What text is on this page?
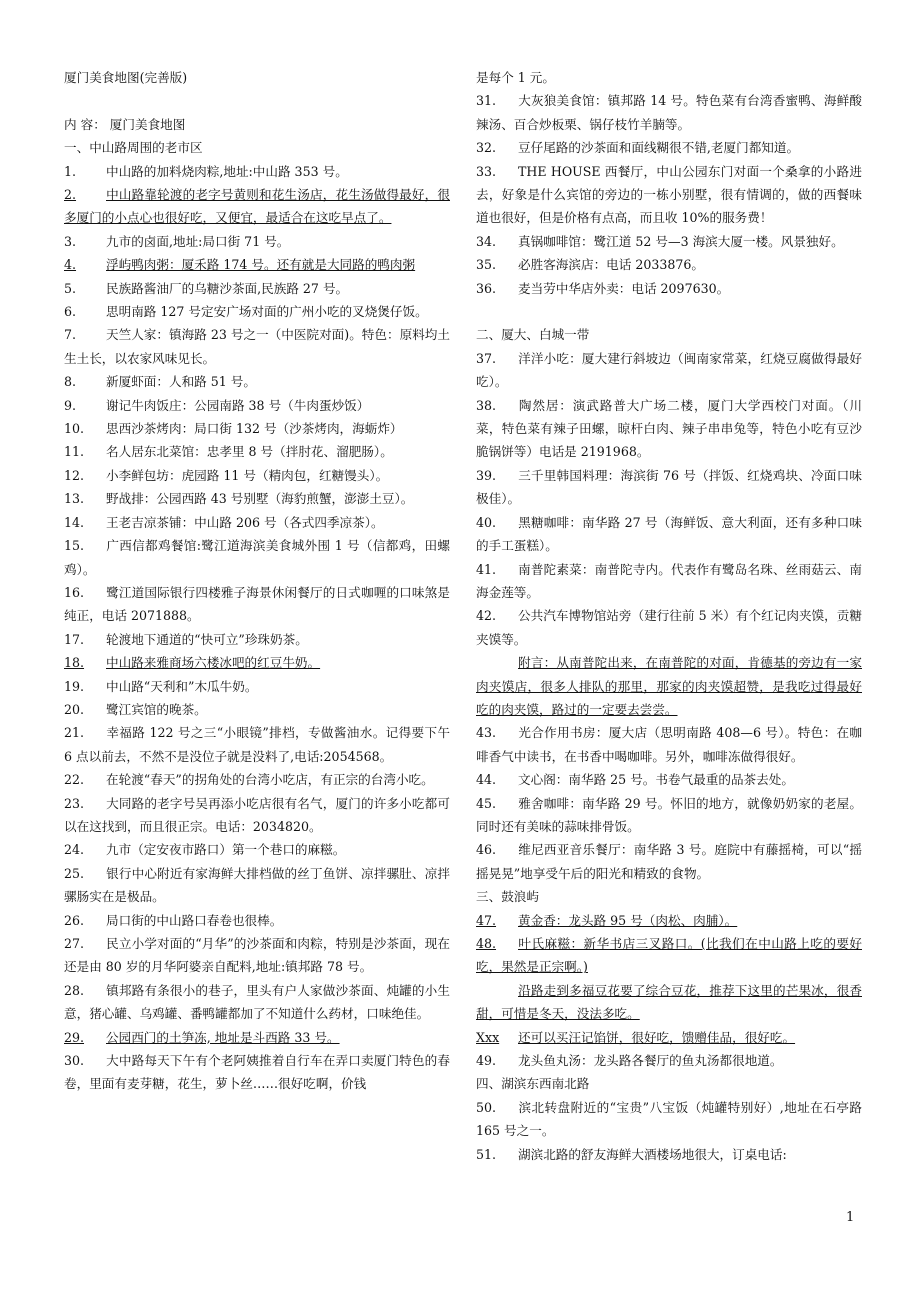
厦门美食地图(完善版)
内 容： 厦门美食地图
一、中山路周围的老市区
1. 中山路的加料烧肉粽,地址:中山路 353 号。
2. 中山路靠轮渡的老字号黄则和花生汤店，花生汤做得最好，很多厦门的小点心也很好吃，又便宜，最适合在这吃早点了。
3. 九市的卤面,地址:局口街 71 号。
4. 浮屿鸭肉粥：厦禾路 174 号。还有就是大同路的鸭肉粥
5. 民族路酱油厂的乌糖沙茶面,民族路 27 号。
6. 思明南路 127 号定安广场对面的广州小吃的叉烧煲仔饭。
7. 天竺人家：镇海路 23 号之一（中医院对面)。特色：原料均土生土长，以农家风味见长。
8. 新厦虾面：人和路 51 号。
9. 谢记牛肉饭庄：公园南路 38 号（牛肉蛋炒饭）
10. 思西沙茶烤肉：局口街 132 号（沙茶烤肉，海蛎炸）
11. 名人居东北菜馆：忠孝里 8 号（拌肘花、溜肥肠）。
12. 小李鲜包坊：虎园路 11 号（精肉包，红糖馒头）。
13. 野战排：公园西路 43 号别墅（海豹煎蟹，澎澎土豆）。
14. 王老吉凉茶铺：中山路 206 号（各式四季凉茶）。
15. 广西信都鸡餐馆:鹭江道海滨美食城外围 1 号（信都鸡，田螺鸡）。
16. 鹭江道国际银行四楼雅子海景休闲餐厅的日式咖喱的口味煞是纯正，电话 2071888。
17. 轮渡地下通道的“快可立”珍珠奶茶。
18. 中山路来雅商场六楼冰吧的红豆牛奶。
19. 中山路“天利和”木瓜牛奶。
20. 鹭江宾馆的晚茶。
21. 幸福路 122 号之三“小眼镜”排档，专做酱油水。记得要下午 6 点以前去，不然不是没位子就是没料了,电话:2054568。
22. 在轮渡“春天”的拐角处的台湾小吃店，有正宗的台湾小吃。
23. 大同路的老字号吴再添小吃店很有名气，厦门的许多小吃都可以在这找到，而且很正宗。电话：2034820。
24. 九市（定安夜市路口）第一个巷口的麻糍。
25. 银行中心附近有家海鲜大排档做的丝丁鱼饼、凉拌骡肚、凉拌骡肠实在是极品。
26. 局口街的中山路口春卷也很棒。
27. 民立小学对面的“月华”的沙茶面和肉粽，特别是沙茶面，现在还是由 80 岁的月华阿婆亲自配料,地址:镇邦路 78 号。
28. 镇邦路有条很小的巷子，里头有户人家做沙茶面、炖罐的小生意，猪心罐、乌鸡罐、番鸭罐都加了不知道什么药材，口味绝佳。
29. 公园西门的土笋冻, 地址是斗西路 33 号。
30. 大中路每天下午有个老阿姨推着自行车在弄口卖厦门特色的春卷，里面有麦芽糖，花生，萝卜丝……很好吃啊，价钱
是每个 1 元。
31. 大灰狼美食馆：镇邦路 14 号。特色菜有台湾香蜜鸭、海鲜酸辣汤、百合炒板栗、锅仔枝竹羊腩等。
32. 豆仔尾路的沙茶面和面线糊很不错,老厦门都知道。
33. THE HOUSE 西餐厅，中山公园东门对面一个桑拿的小路进去，好象是什么宾馆的旁边的一栋小别墅，很有情调的，做的西餐味道也很好，但是价格有点高，而且收 10%的服务费！
34. 真锅咖啡馆：鹭江道 52 号—3 海滨大厦一楼。风景独好。
35. 必胜客海滨店：电话 2033876。
36. 麦当劳中华店外卖：电话 2097630。
二、厦大、白城一带
37. 洋洋小吃：厦大建行斜坡边（闽南家常菜，红烧豆腐做得最好吃）。
38. 陶然居：演武路普大广场二楼，厦门大学西校门对面。（川菜，特色菜有辣子田螺，晾杆白肉、辣子串串兔等，特色小吃有豆沙脆锅饼等）电话是 2191968。
39. 三千里韩国料理：海滨街 76 号（拌饭、红烧鸡块、冷面口味极佳）。
40. 黑糖咖啡：南华路 27 号（海鲜饭、意大利面，还有多种口味的手工蛋糕）。
41. 南普陀素菜：南普陀寺内。代表作有鹭岛名珠、丝雨菇云、南海金莲等。
42. 公共汽车博物馆站旁（建行往前 5 米）有个红记肉夹馍，贡糖夹馍等。
附言：从南普陀出来，在南普陀的对面，肯德基的旁边有一家肉夹馍店，很多人排队的那里，那家的肉夹馍超赞，是我吃过得最好吃的肉夹馍，路过的一定要去尝尝。
43. 光合作用书房：厦大店（思明南路 408—6 号）。特色：在咖啡香气中读书，在书香中喝咖啡。另外，咖啡冻做得很好。
44. 文心阁：南华路 25 号。书卷气最重的品茶去处。
45. 雅舍咖啡：南华路 29 号。怀旧的地方，就像奶奶家的老屋。同时还有美味的蒜味排骨饭。
46. 维尼西亚音乐餐厅：南华路 3 号。庭院中有藤摇椅，可以“摇摇晃晃”地享受午后的阳光和精致的食物。
三、鼓浪屿
47. 黄金香：龙头路 95 号（肉松、肉脯）。
48. 叶氏麻糍：新华书店三叉路口。(比我们在中山路上吃的要好吃，果然是正宗啊。)
沿路走到多福豆花要了综合豆花，推荐下这里的芒果冰，很香甜，可惜是冬天，没法多吃。
Xxx 还可以买汪记馅饼，很好吃，馈赠佳品，很好吃。
49. 龙头鱼丸汤：龙头路各餐厅的鱼丸汤都很地道。
四、湖滨东西南北路
50. 滨北转盘附近的“宝贵”八宝饭（炖罐特别好）,地址在石亭路 165 号之一。
51. 湖滨北路的舒友海鲜大酒楼场地很大，订桌电话:
1
